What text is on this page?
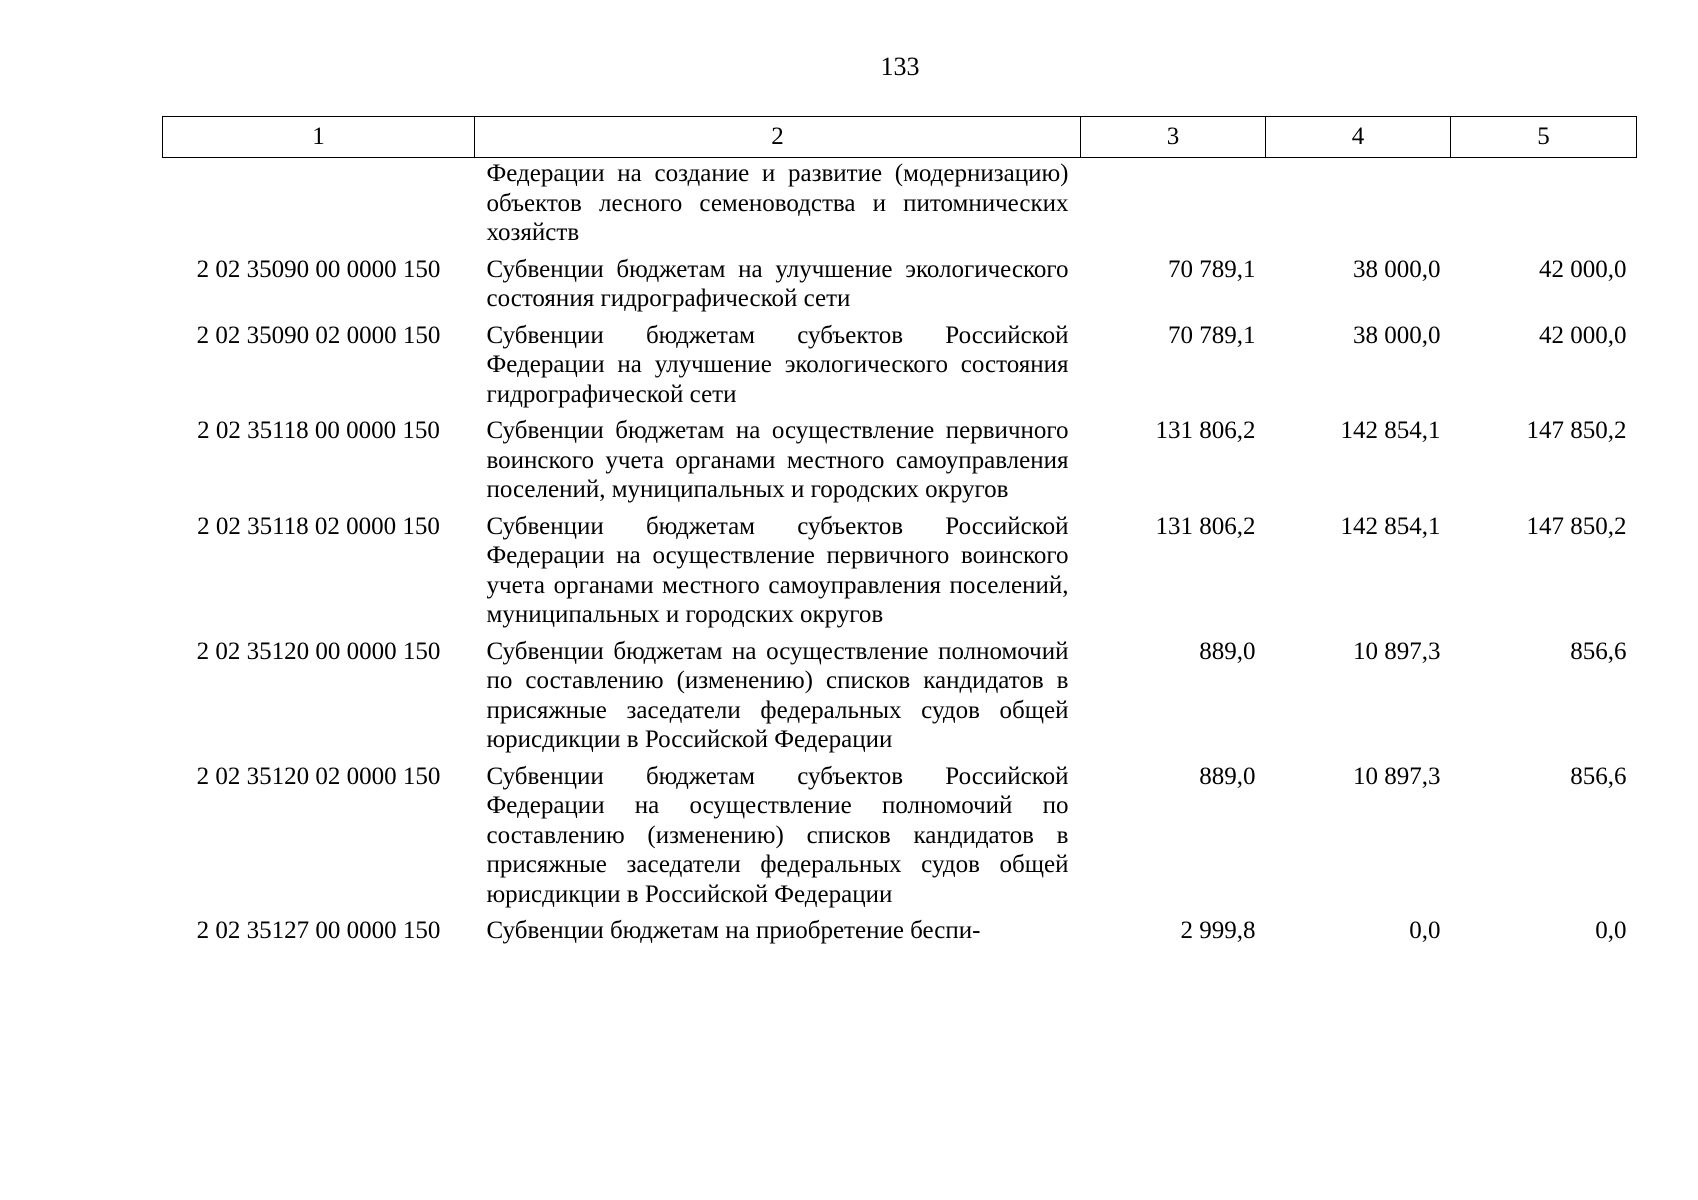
133
1	2	3	4	5
	Федерации на создание и развитие (модернизацию) объектов лесного семеноводства и питомнических хозяйств			
2 02 35090 00 0000 150	Субвенции бюджетам на улучшение экологического состояния гидрографической сети	70 789,1	38 000,0	42 000,0
2 02 35090 02 0000 150	Субвенции бюджетам субъектов Российской Федерации на улучшение экологического состояния гидрографической сети	70 789,1	38 000,0	42 000,0
2 02 35118 00 0000 150	Субвенции бюджетам на осуществление первичного воинского учета органами местного самоуправления поселений, муниципальных и городских округов	131 806,2	142 854,1	147 850,2
2 02 35118 02 0000 150	Субвенции бюджетам субъектов Российской Федерации на осуществление первичного воинского учета органами местного самоуправления поселений, муниципальных и городских округов	131 806,2	142 854,1	147 850,2
2 02 35120 00 0000 150	Субвенции бюджетам на осуществление полномочий по составлению (изменению) списков кандидатов в присяжные заседатели федеральных судов общей юрисдикции в Российской Федерации	889,0	10 897,3	856,6
2 02 35120 02 0000 150	Субвенции бюджетам субъектов Российской Федерации на осуществление полномочий по составлению (изменению) списков кандидатов в присяжные заседатели федеральных судов общей юрисдикции в Российской Федерации	889,0	10 897,3	856,6
2 02 35127 00 0000 150	Субвенции бюджетам на приобретение беспи-	2 999,8	0,0	0,0
